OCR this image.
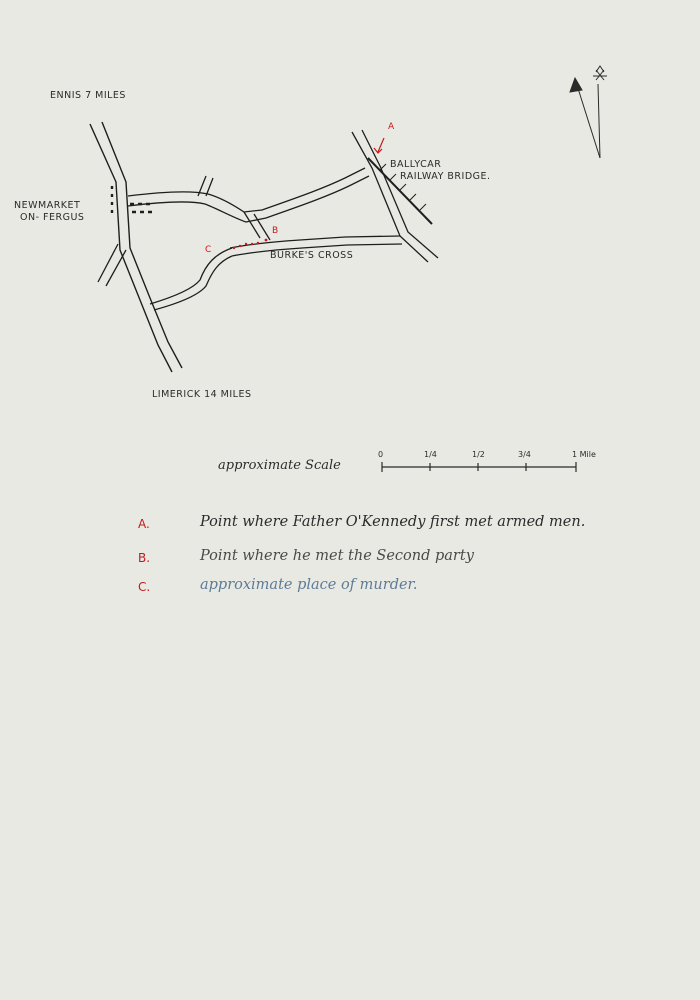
ENNIS 7 MILES
NEWMARKET
ON- FERGUS
BALLYCAR
RAILWAY BRIDGE.
BURKE'S CROSS
LIMERICK 14 MILES
A
B
C
approximate Scale
0	1/4	1/2	3/4	1 Mile
A.	Point where Father O'Kennedy first met armed men.
B.	Point where he met the Second party
C.	approximate place of murder.
